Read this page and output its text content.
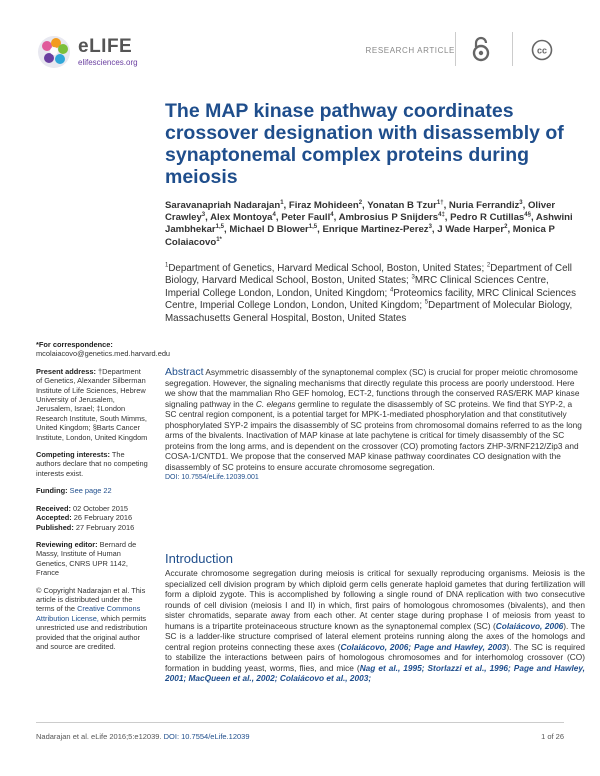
eLIFE
elifesciences.org
RESEARCH ARTICLE	cc
The MAP kinase pathway coordinates crossover designation with disassembly of synaptonemal complex proteins during meiosis
Saravanapriah Nadarajan$^1$, Firaz Mohideen$^2$, Yonatan B Tzur$^{1\dagger}$, Nuria Ferrandiz$^3$, Oliver Crawley$^3$, Alex Montoya$^4$, Peter Faull$^4$, Ambrosius P Snijders$^{4\ddagger}$, Pedro R Cutillas$^{4\S}$, Ashwini Jambhekar$^{1,5}$, Michael D Blower$^{1,5}$, Enrique Martinez-Perez$^3$, J Wade Harper$^2$, Monica P Colaiacovo$^{1*}$
$^1$Department of Genetics, Harvard Medical School, Boston, United States; $^2$Department of Cell Biology, Harvard Medical School, Boston, United States; $^3$MRC Clinical Sciences Centre, Imperial College London, London, United Kingdom; $^4$Proteomics facility, MRC Clinical Sciences Centre, Imperial College London, London, United Kingdom; $^5$Department of Molecular Biology, Massachusetts General Hospital, Boston, United States
*For correspondence:
mcolaiacovo@genetics.med.harvard.edu
Present address: †Department of Genetics, Alexander Silberman Institute of Life Sciences, Hebrew University of Jerusalem, Jerusalem, Israel; ‡London Research Institute, South Mimms, United Kingdom; §Barts Cancer Institute, London, United Kingdom
Competing interests: The authors declare that no competing interests exist.
Funding: See page 22
Received: 02 October 2015
Accepted: 26 February 2016
Published: 27 February 2016
Reviewing editor: Bernard de Massy, Institute of Human Genetics, CNRS UPR 1142, France
© Copyright Nadarajan et al. This article is distributed under the terms of the Creative Commons Attribution License, which permits unrestricted use and redistribution provided that the original author and source are credited.
Abstract Asymmetric disassembly of the synaptonemal complex (SC) is crucial for proper meiotic chromosome segregation. However, the signaling mechanisms that directly regulate this process are poorly understood. Here we show that the mammalian Rho GEF homolog, ECT-2, functions through the conserved RAS/ERK MAP kinase signaling pathway in the C. elegans germline to regulate the disassembly of SC proteins. We find that SYP-2, a SC central region component, is a potential target for MPK-1-mediated phosphorylation and that constitutively phosphorylated SYP-2 impairs the disassembly of SC proteins from chromosomal domains referred to as the long arms of the bivalents. Inactivation of MAP kinase at late pachytene is critical for timely disassembly of the SC proteins from the long arms, and is dependent on the crossover (CO) promoting factors ZHP-3/RNF212/Zip3 and COSA-1/CNTD1. We propose that the conserved MAP kinase pathway coordinates CO designation with the disassembly of SC proteins to ensure accurate chromosome segregation.
DOI: 10.7554/eLife.12039.001
Introduction
Accurate chromosome segregation during meiosis is critical for sexually reproducing organisms. Meiosis is the specialized cell division program by which diploid germ cells generate haploid gametes that during fertilization will form a diploid zygote. This is accomplished by following a single round of DNA replication with two consecutive rounds of cell division (meiosis I and II) in which, first pairs of homologous chromosomes (bivalents), and then sister chromatids, separate away from each other. At center stage during prophase I of meiosis from yeast to humans is a tripartite proteinaceous structure known as the synaptonemal complex (SC) (Colaiácovo, 2006). The SC is a ladder-like structure comprised of lateral element proteins running along the axes of the homologs and central region proteins connecting these axes (Colaiácovo, 2006; Page and Hawley, 2003). The SC is required to stabilize the interactions between pairs of homologous chromosomes and for interhomolog crossover (CO) formation in budding yeast, worms, flies, and mice (Nag et al., 1995; Storlazzi et al., 1996; Page and Hawley, 2001; MacQueen et al., 2002; Colaiácovo et al., 2003;
Nadarajan et al. eLife 2016;5:e12039. DOI: 10.7554/eLife.12039	1 of 26
